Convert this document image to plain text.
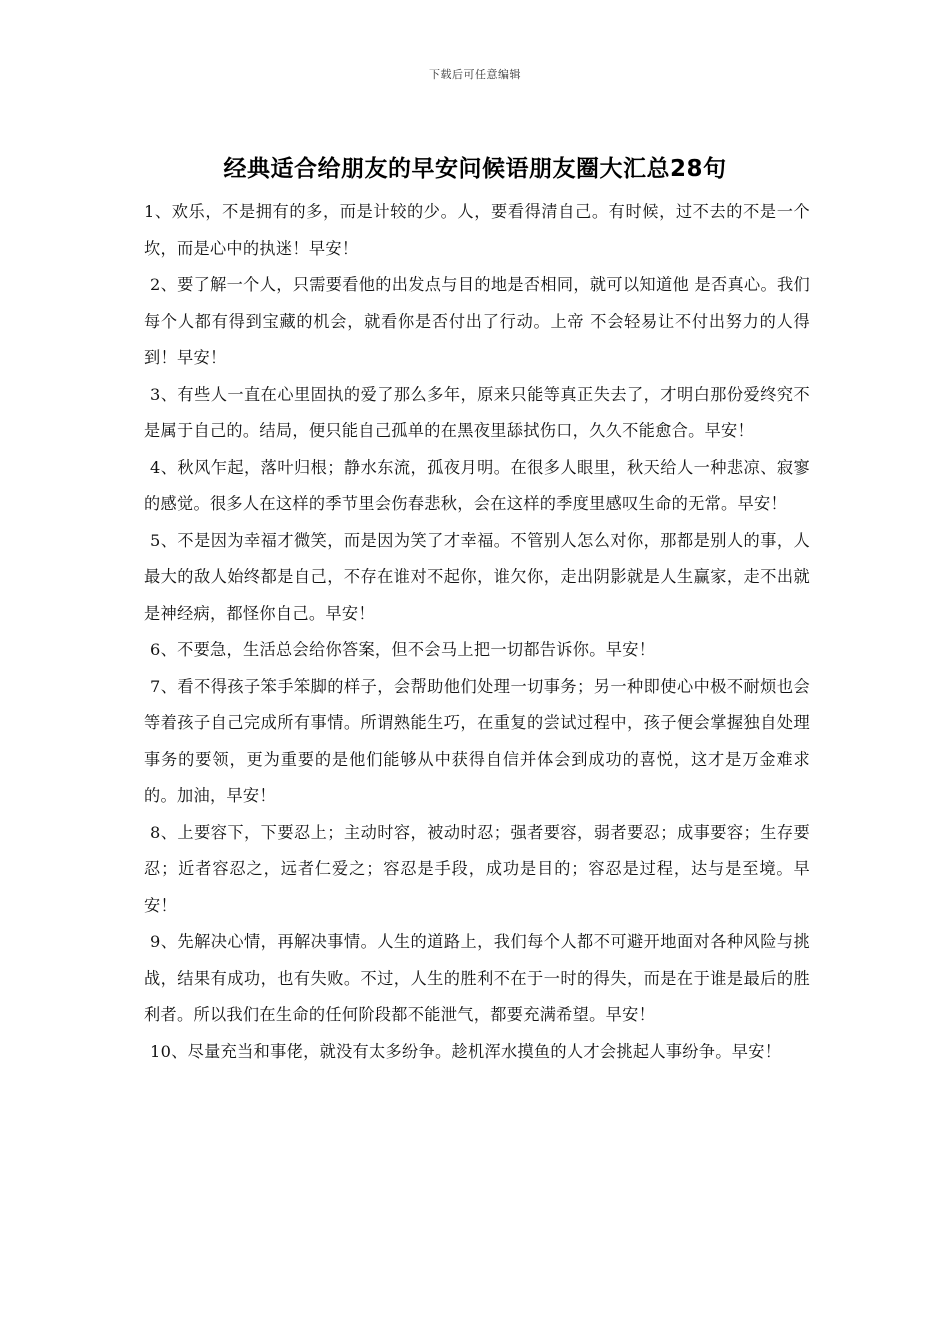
下载后可任意编辑
经典适合给朋友的早安问候语朋友圈大汇总28句

1、欢乐，不是拥有的多，而是计较的少。人，要看得清自己。有时候，过不去的不是一个坎，而是心中的执迷！早安！

2、要了解一个人，只需要看他的出发点与目的地是否相同，就可以知道他 是否真心。我们每个人都有得到宝藏的机会，就看你是否付出了行动。上帝 不会轻易让不付出努力的人得到！早安！

3、有些人一直在心里固执的爱了那么多年，原来只能等真正失去了，才明白那份爱终究不是属于自己的。结局，便只能自己孤单的在黑夜里舔拭伤口，久久不能愈合。早安！

4、秋风乍起，落叶归根；静水东流，孤夜月明。在很多人眼里，秋天给人一种悲凉、寂寥的感觉。很多人在这样的季节里会伤春悲秋，会在这样的季度里感叹生命的无常。早安！

5、不是因为幸福才微笑，而是因为笑了才幸福。不管别人怎么对你，那都是别人的事，人最大的敌人始终都是自己，不存在谁对不起你，谁欠你，走出阴影就是人生赢家，走不出就是神经病，都怪你自己。早安！

6、不要急，生活总会给你答案，但不会马上把一切都告诉你。早安！

7、看不得孩子笨手笨脚的样子，会帮助他们处理一切事务；另一种即使心中极不耐烦也会等着孩子自己完成所有事情。所谓熟能生巧，在重复的尝试过程中，孩子便会掌握独自处理事务的要领，更为重要的是他们能够从中获得自信并体会到成功的喜悦，这才是万金难求的。加油，早安！

8、上要容下，下要忍上；主动时容，被动时忍；强者要容，弱者要忍；成事要容；生存要忍；近者容忍之，远者仁爱之；容忍是手段，成功是目的；容忍是过程，达与是至境。早安！

9、先解决心情，再解决事情。人生的道路上，我们每个人都不可避开地面对各种风险与挑战，结果有成功，也有失败。不过，人生的胜利不在于一时的得失，而是在于谁是最后的胜利者。所以我们在生命的任何阶段都不能泄气，都要充满希望。早安！

10、尽量充当和事佬，就没有太多纷争。趁机浑水摸鱼的人才会挑起人事纷争。早安！
